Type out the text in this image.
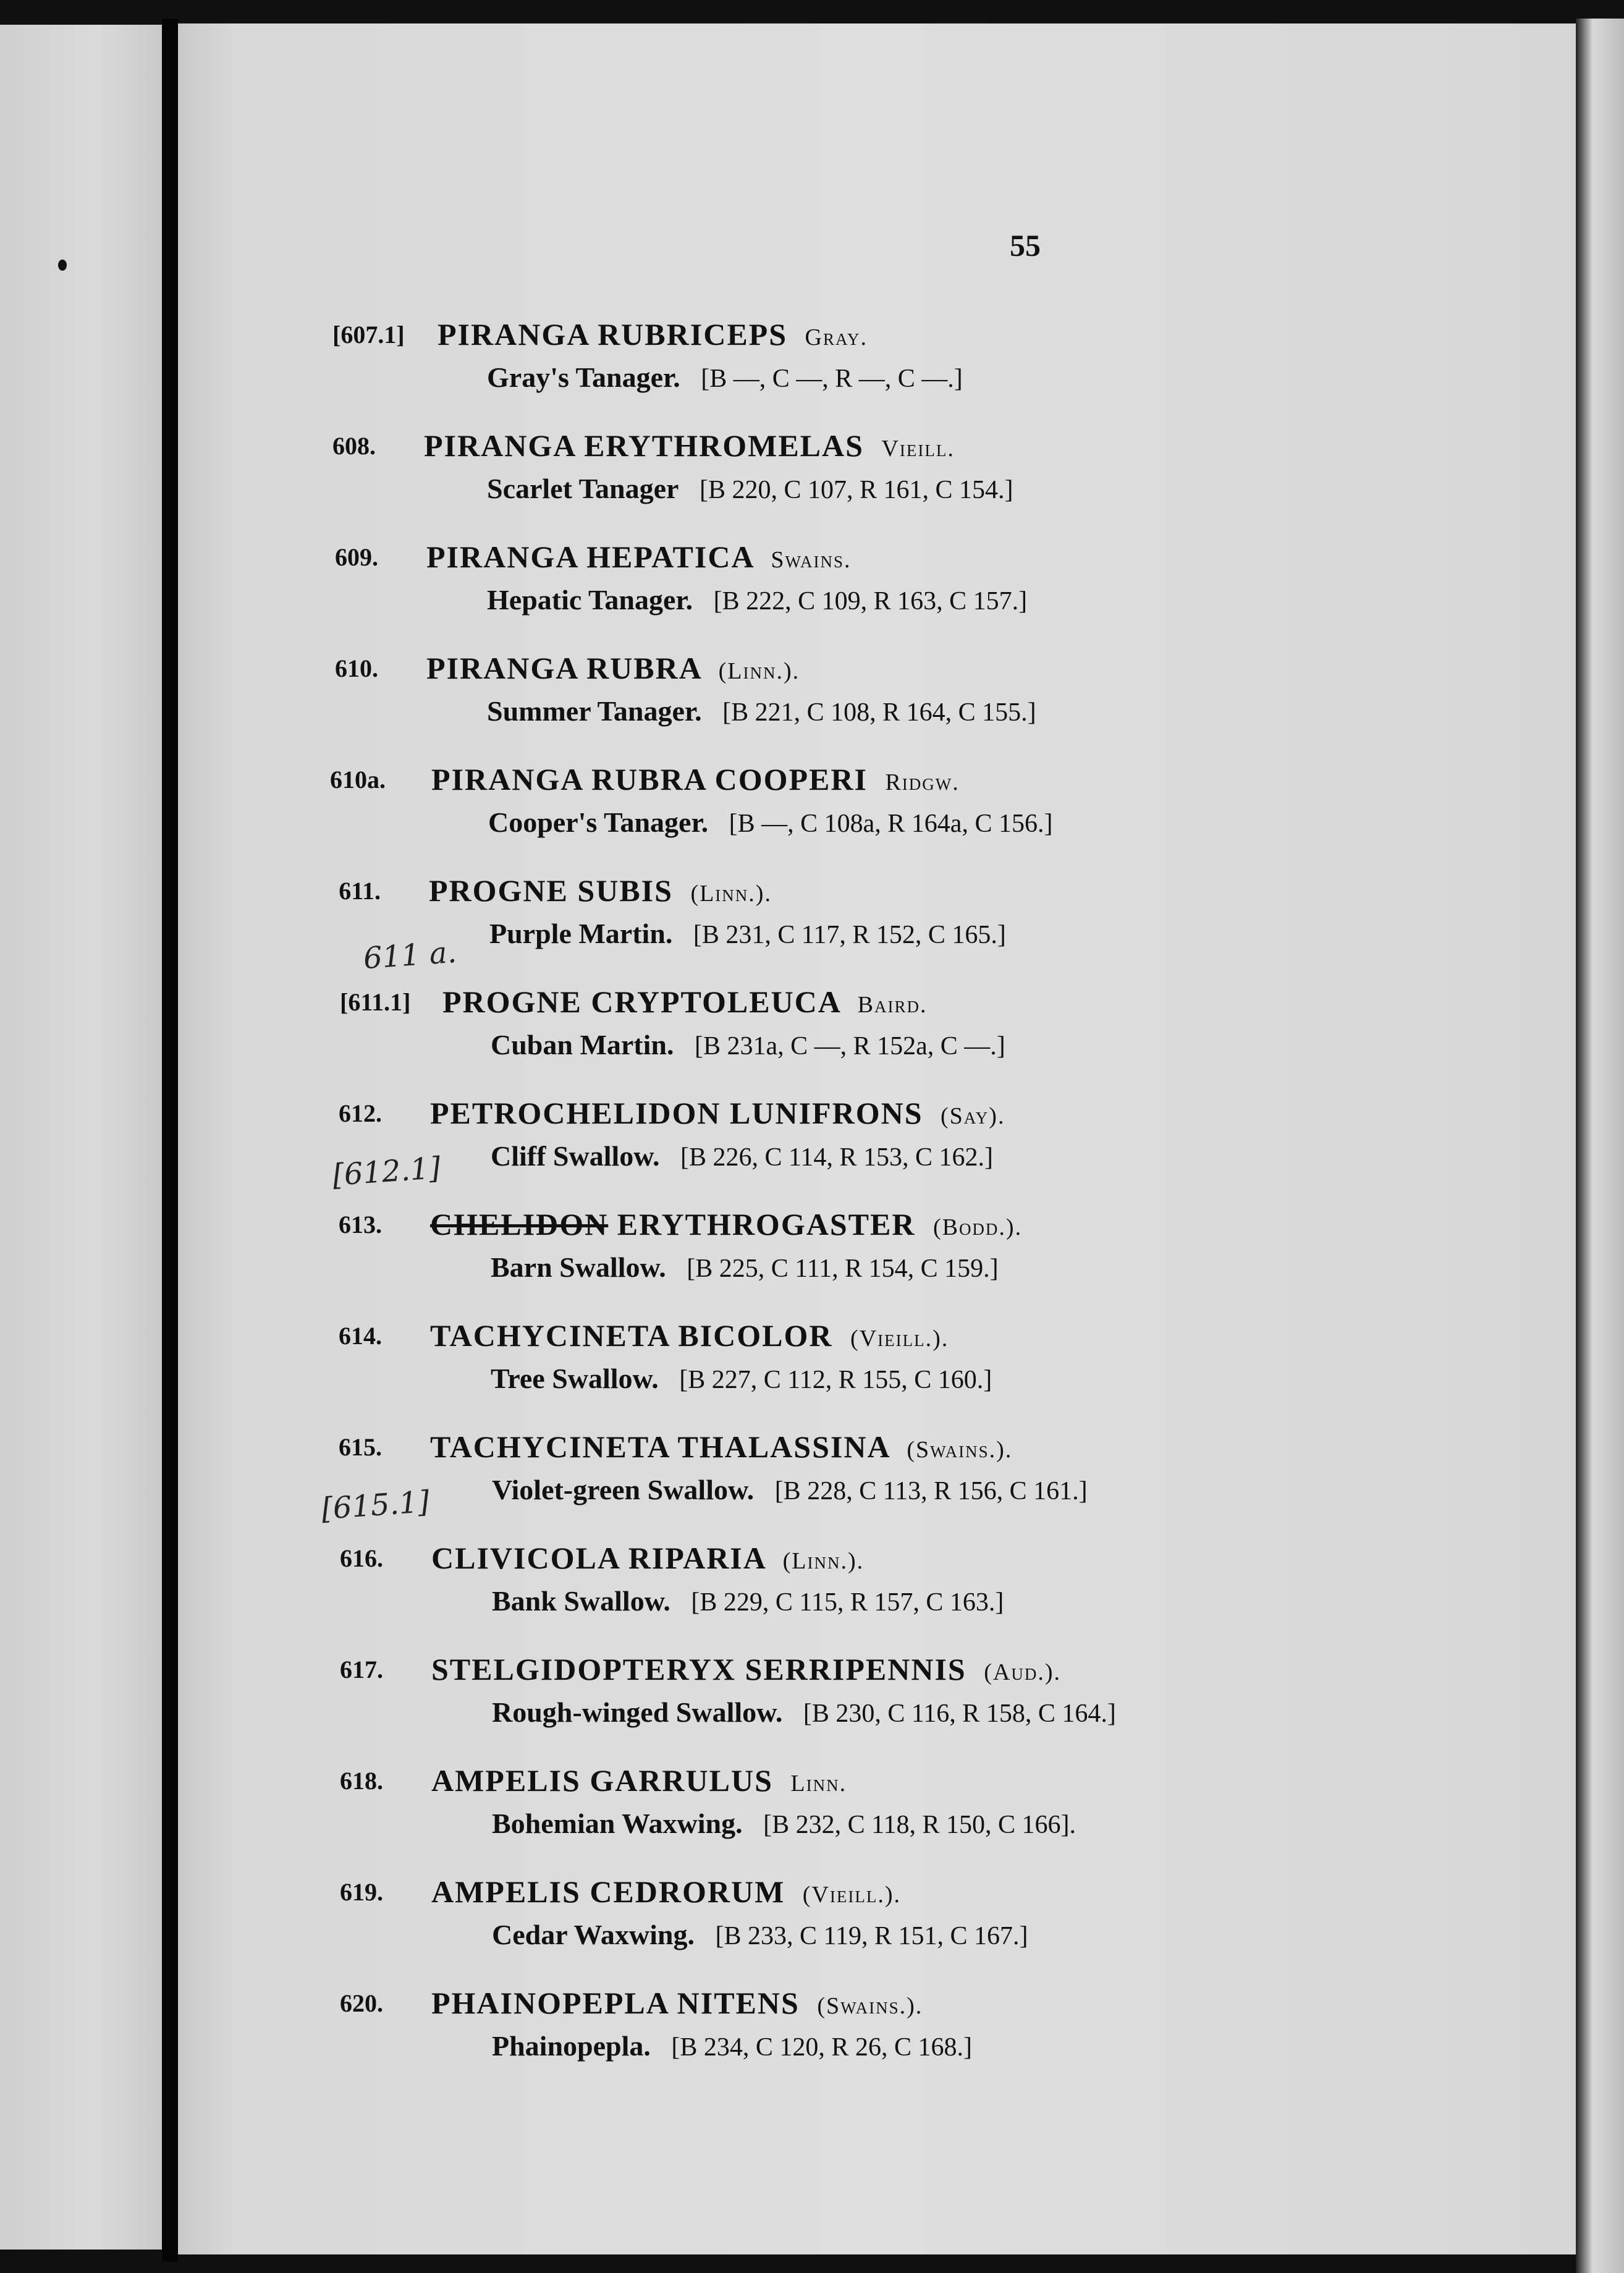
55
[607.1]	PIRANGA RUBRICEPS Gray.
Gray's Tanager. [B —, C —, R —, C —.]
608. PIRANGA ERYTHROMELAS Vieill.
Scarlet Tanager [B 220, C 107, R 161, C 154.]
609. PIRANGA HEPATICA Swains.
Hepatic Tanager. [B 222, C 109, R 163, C 157.]
610. PIRANGA RUBRA (Linn.).
Summer Tanager. [B 221, C 108, R 164, C 155.]
610a. PIRANGA RUBRA COOPERI Ridgw.
Cooper's Tanager. [B —, C 108a, R 164a, C 156.]
611. PROGNE SUBIS (Linn.).
Purple Martin. [B 231, C 117, R 152, C 165.]
[611.1]	PROGNE CRYPTOLEUCA Baird.
Cuban Martin. [B 231a, C —, R 152a, C —.]
612. PETROCHELIDON LUNIFRONS (Say).
Cliff Swallow. [B 226, C 114, R 153, C 162.]
613. CHELIDON ERYTHROGASTER (Bodd.).
Barn Swallow. [B 225, C 111, R 154, C 159.]
614. TACHYCINETA BICOLOR (Vieill.).
Tree Swallow. [B 227, C 112, R 155, C 160.]
615. TACHYCINETA THALASSINA (Swains.).
Violet-green Swallow. [B 228, C 113, R 156, C 161.]
616. CLIVICOLA RIPARIA (Linn.).
Bank Swallow. [B 229, C 115, R 157, C 163.]
617. STELGIDOPTERYX SERRIPENNIS (Aud.).
Rough-winged Swallow. [B 230, C 116, R 158, C 164.]
618. AMPELIS GARRULUS Linn.
Bohemian Waxwing. [B 232, C 118, R 150, C 166].
619. AMPELIS CEDRORUM (Vieill.).
Cedar Waxwing. [B 233, C 119, R 151, C 167.]
620. PHAINOPEPLA NITENS (Swains.).
Phainopepla. [B 234, C 120, R 26, C 168.]
611 a.
[612.1]
[615.1]
